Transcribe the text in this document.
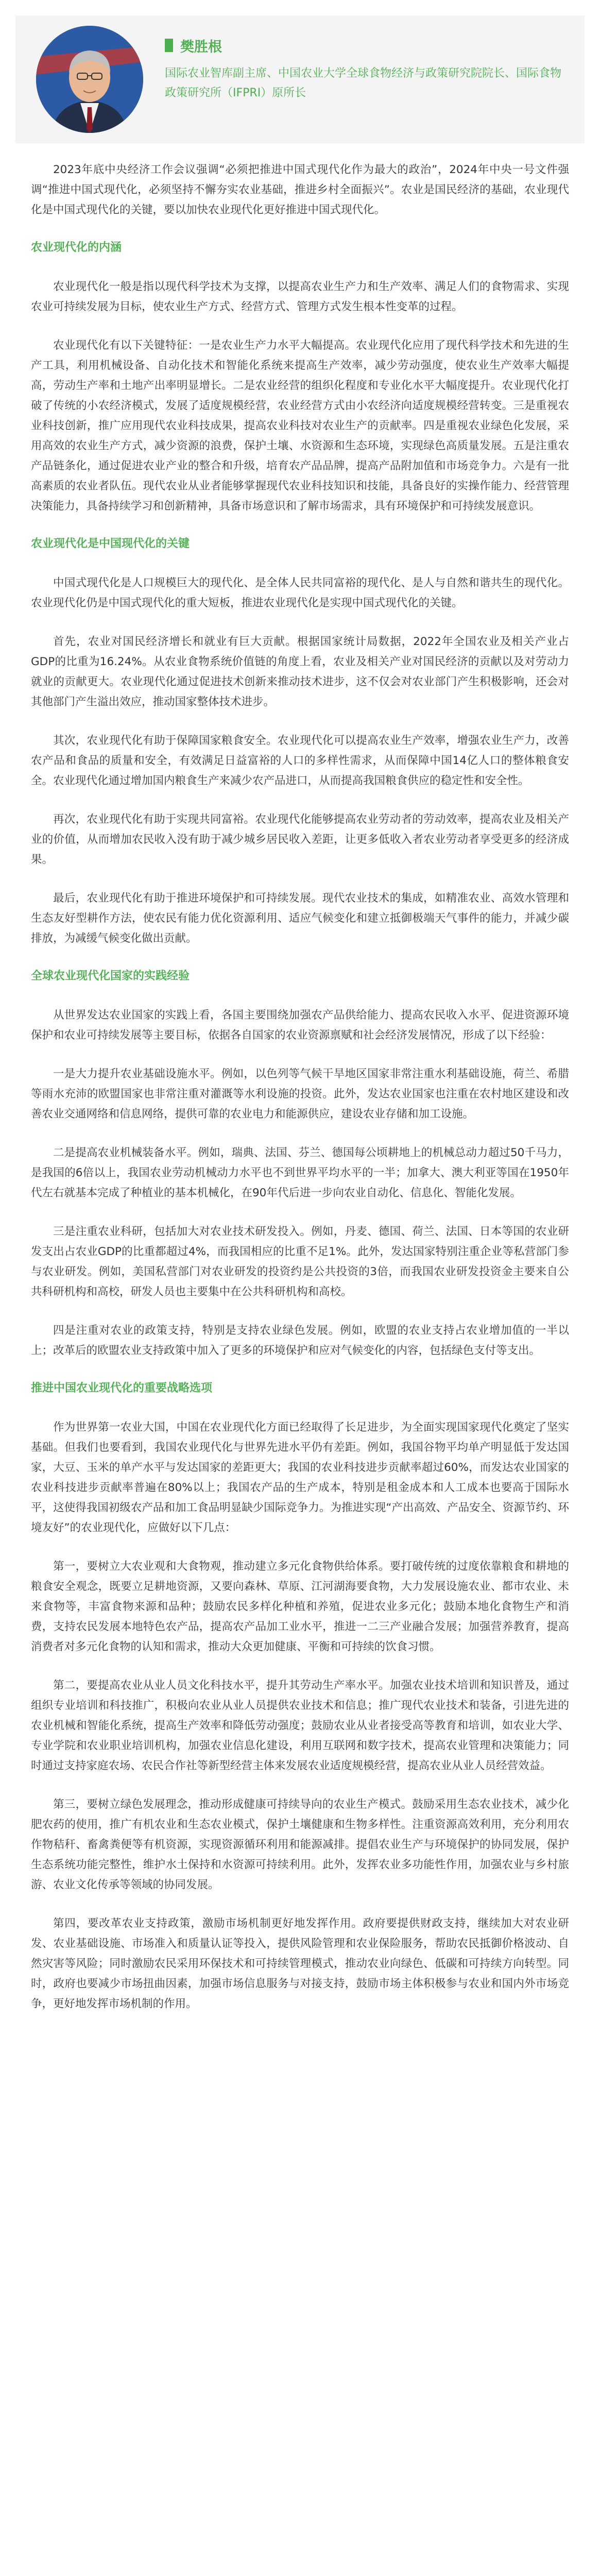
樊胜根
国际农业智库副主席、中国农业大学全球食物经济与政策研究院院长、国际食物政策研究所（IFPRI）原所长

2023年底中央经济工作会议强调“必须把推进中国式现代化作为最大的政治”，2024年中央一号文件强调“推进中国式现代化，必须坚持不懈夯实农业基础，推进乡村全面振兴”。农业是国民经济的基础，农业现代化是中国式现代化的关键，要以加快农业现代化更好推进中国式现代化。

农业现代化的内涵

农业现代化一般是指以现代科学技术为支撑，以提高农业生产力和生产效率、满足人们的食物需求、实现农业可持续发展为目标，使农业生产方式、经营方式、管理方式发生根本性变革的过程。

农业现代化有以下关键特征：一是农业生产力水平大幅提高。农业现代化应用了现代科学技术和先进的生产工具，利用机械设备、自动化技术和智能化系统来提高生产效率，减少劳动强度，使农业生产效率大幅提高，劳动生产率和土地产出率明显增长。二是农业经营的组织化程度和专业化水平大幅度提升。农业现代化打破了传统的小农经济模式，发展了适度规模经营，农业经营方式由小农经济向适度规模经营转变。三是重视农业科技创新，推广应用现代农业科技成果，提高农业科技对农业生产的贡献率。四是重视农业绿色化发展，采用高效的农业生产方式，减少资源的浪费，保护土壤、水资源和生态环境，实现绿色高质量发展。五是注重农产品链条化，通过促进农业产业的整合和升级，培育农产品品牌，提高产品附加值和市场竞争力。六是有一批高素质的农业者队伍。现代农业从业者能够掌握现代农业科技知识和技能，具备良好的实操作能力、经营管理决策能力，具备持续学习和创新精神，具备市场意识和了解市场需求，具有环境保护和可持续发展意识。

农业现代化是中国现代化的关键

中国式现代化是人口规模巨大的现代化、是全体人民共同富裕的现代化、是人与自然和谐共生的现代化。农业现代化仍是中国式现代化的重大短板，推进农业现代化是实现中国式现代化的关键。

首先，农业对国民经济增长和就业有巨大贡献。根据国家统计局数据，2022年全国农业及相关产业占GDP的比重为16.24%。从农业食物系统价值链的角度上看，农业及相关产业对国民经济的贡献以及对劳动力就业的贡献更大。农业现代化通过促进技术创新来推动技术进步，这不仅会对农业部门产生积极影响，还会对其他部门产生溢出效应，推动国家整体技术进步。

其次，农业现代化有助于保障国家粮食安全。农业现代化可以提高农业生产效率，增强农业生产力，改善农产品和食品的质量和安全，有效满足日益富裕的人口的多样性需求，从而保障中国14亿人口的整体粮食安全。农业现代化通过增加国内粮食生产来减少农产品进口，从而提高我国粮食供应的稳定性和安全性。

再次，农业现代化有助于实现共同富裕。农业现代化能够提高农业劳动者的劳动效率，提高农业及相关产业的价值，从而增加农民收入没有助于减少城乡居民收入差距，让更多低收入者农业劳动者享受更多的经济成果。

最后，农业现代化有助于推进环境保护和可持续发展。现代农业技术的集成，如精准农业、高效水管理和生态友好型耕作方法，使农民有能力优化资源利用、适应气候变化和建立抵御极端天气事件的能力，并减少碳排放，为减缓气候变化做出贡献。

全球农业现代化国家的实践经验

从世界发达农业国家的实践上看，各国主要围绕加强农产品供给能力、提高农民收入水平、促进资源环境保护和农业可持续发展等主要目标，依据各自国家的农业资源禀赋和社会经济发展情况，形成了以下经验：

一是大力提升农业基础设施水平。例如，以色列等气候干旱地区国家非常注重水利基础设施，荷兰、希腊等雨水充沛的欧盟国家也非常注重对灌溉等水利设施的投资。此外，发达农业国家也注重在农村地区建设和改善农业交通网络和信息网络，提供可靠的农业电力和能源供应，建设农业存储和加工设施。

二是提高农业机械装备水平。例如，瑞典、法国、芬兰、德国每公顷耕地上的机械总动力超过50千马力，是我国的6倍以上，我国农业劳动机械动力水平也不到世界平均水平的一半；加拿大、澳大利亚等国在1950年代左右就基本完成了种植业的基本机械化，在90年代后进一步向农业自动化、信息化、智能化发展。

三是注重农业科研，包括加大对农业技术研发投入。例如，丹麦、德国、荷兰、法国、日本等国的农业研发支出占农业GDP的比重都超过4%，而我国相应的比重不足1%。此外，发达国家特别注重企业等私营部门参与农业研发。例如，美国私营部门对农业研发的投资约是公共投资的3倍，而我国农业研发投资金主要来自公共科研机构和高校，研发人员也主要集中在公共科研机构和高校。

四是注重对农业的政策支持，特别是支持农业绿色发展。例如，欧盟的农业支持占农业增加值的一半以上；改革后的欧盟农业支持政策中加入了更多的环境保护和应对气候变化的内容，包括绿色支付等支出。

推进中国农业现代化的重要战略选项

作为世界第一农业大国，中国在农业现代化方面已经取得了长足进步，为全面实现国家现代化奠定了坚实基础。但我们也要看到，我国农业现代化与世界先进水平仍有差距。例如，我国谷物平均单产明显低于发达国家，大豆、玉米的单产水平与发达国家的差距更大；我国的农业科技进步贡献率超过60%，而发达农业国家的农业科技进步贡献率普遍在80%以上；我国农产品的生产成本，特别是租金成本和人工成本也要高于国际水平，这使得我国初级农产品和加工食品明显缺少国际竞争力。为推进实现“产出高效、产品安全、资源节约、环境友好”的农业现代化，应做好以下几点：

第一，要树立大农业观和大食物观，推动建立多元化食物供给体系。要打破传统的过度依靠粮食和耕地的粮食安全观念，既要立足耕地资源，又要向森林、草原、江河湖海要食物，大力发展设施农业、都市农业、未来食物等，丰富食物来源和品种；鼓励农民多样化种植和养殖，促进农业多元化；鼓励本地化食物生产和消费，支持农民发展本地特色农产品，提高农产品加工业水平，推进一二三产业融合发展；加强营养教育，提高消费者对多元化食物的认知和需求，推动大众更加健康、平衡和可持续的饮食习惯。

第二，要提高农业从业人员文化科技水平，提升其劳动生产率水平。加强农业技术培训和知识普及，通过组织专业培训和科技推广，积极向农业从业人员提供农业技术和信息；推广现代农业技术和装备，引进先进的农业机械和智能化系统，提高生产效率和降低劳动强度；鼓励农业从业者接受高等教育和培训，如农业大学、专业学院和农业职业培训机构，加强农业信息化建设，利用互联网和数字技术，提高农业管理和决策能力；同时通过支持家庭农场、农民合作社等新型经营主体来发展农业适度规模经营，提高农业从业人员经营效益。

第三，要树立绿色发展理念，推动形成健康可持续导向的农业生产模式。鼓励采用生态农业技术，减少化肥农药的使用，推广有机农业和生态农业模式，保护土壤健康和生物多样性。注重资源高效利用，充分利用农作物秸秆、畜禽粪便等有机资源，实现资源循环利用和能源减排。提倡农业生产与环境保护的协同发展，保护生态系统功能完整性，维护水土保持和水资源可持续利用。此外，发挥农业多功能性作用，加强农业与乡村旅游、农业文化传承等领域的协同发展。

第四，要改革农业支持政策，激励市场机制更好地发挥作用。政府要提供财政支持，继续加大对农业研发、农业基础设施、市场准入和质量认证等投入，提供风险管理和农业保险服务，帮助农民抵御价格波动、自然灾害等风险；同时激励农民采用环保技术和可持续管理模式，推动农业向绿色、低碳和可持续方向转型。同时，政府也要减少市场扭曲因素，加强市场信息服务与对接支持，鼓励市场主体积极参与农业和国内外市场竞争，更好地发挥市场机制的作用。
